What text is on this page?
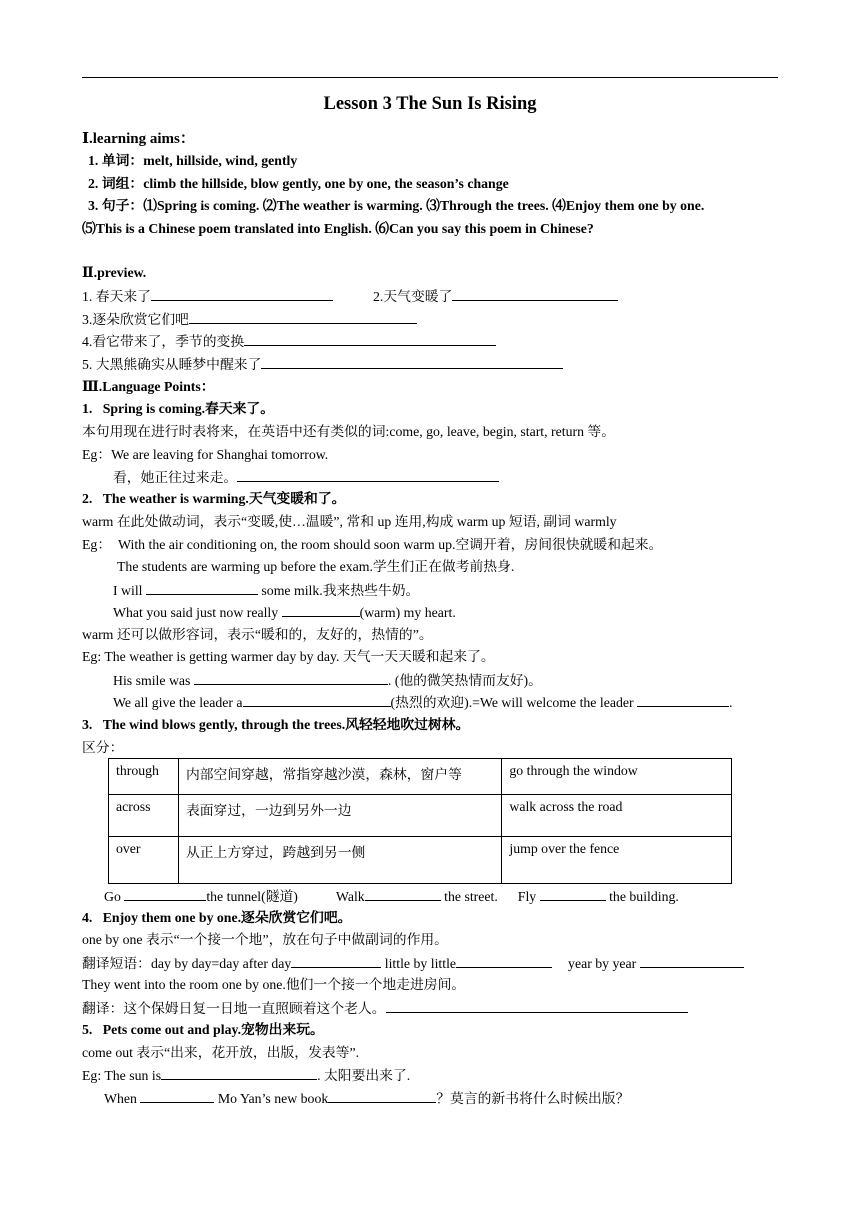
Lesson 3 The Sun Is Rising
Ⅰ.learning aims：
1. 单词：melt, hillside, wind, gently
2. 词组：climb the hillside, blow gently, one by one, the season’s change
3. 句子：⑴Spring is coming. ⑵The weather is warming. ⑶Through the trees. ⑷Enjoy them one by one.
⑸This is a Chinese poem translated into English. ⑹Can you say this poem in Chinese?
Ⅱ.preview.
1. 春天来了	2.天气变暖了
3.逐朵欣赏它们吧
4.看它带来了，季节的变换
5. 大黑熊确实从睡梦中醒来了
Ⅲ.Language Points：
1.   Spring is coming.春天来了。
本句用现在进行时表将来，在英语中还有类似的词:come, go, leave, begin, start, return 等。
Eg：We are leaving for Shanghai tomorrow.
看，她正往过来走。
2.   The weather is warming.天气变暖和了。
warm 在此处做动词，表示“变暖,使…温暖”, 常和 up 连用,构成 warm up 短语, 副词 warmly
Eg：  With the air conditioning on, the room should soon warm up.空调开着，房间很快就暖和起来。
The students are warming up before the exam.学生们正在做考前热身.
I will	some milk.我来热些牛奶。
What you said just now really	(warm) my heart.
warm 还可以做形容词，表示“暖和的，友好的，热情的”。
Eg: The weather is getting warmer day by day. 天气一天天暖和起来了。
His smile was	. (他的微笑热情而友好)。
We all give the leader a	(热烈的欢迎).=We will welcome the leader	.
3.   The wind blows gently, through the trees.风轻轻地吹过树林。
区分：
through	内部空间穿越，常指穿越沙漠，森林，窗户等	go through the window
across	表面穿过，一边到另外一边	walk across the road
over	从正上方穿过，跨越到另一侧	jump over the fence
Go	the tunnel(隧道)	Walk	the street. Fly	the building.
4.   Enjoy them one by one.逐朵欣赏它们吧。
one by one 表示“一个接一个地”，放在句子中做副词的作用。
翻译短语：day by day=day after day	little by little	year by year
They went into the room one by one.他们一个接一个地走进房间。
翻译：这个保姆日复一日地一直照顾着这个老人。
5.   Pets come out and play.宠物出来玩。
come out 表示“出来，花开放，出版，发表等”.
Eg: The sun is	. 太阳要出来了.
When	Mo Yan’s new book	？莫言的新书将什么时候出版？
